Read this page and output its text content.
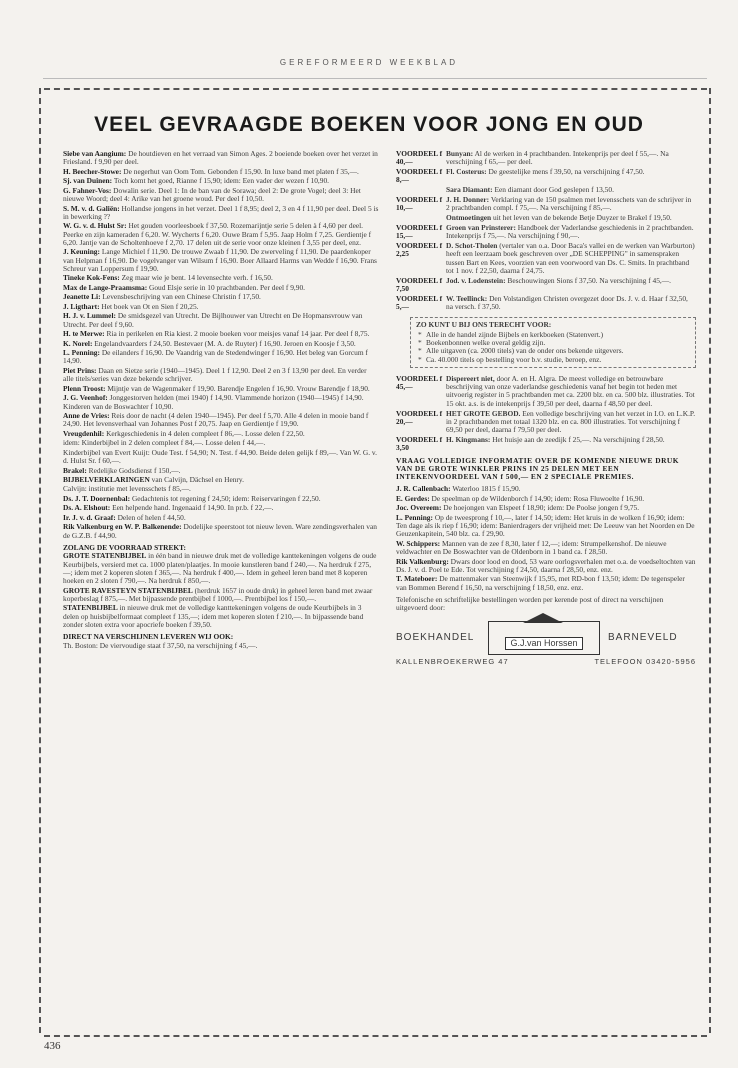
GEREFORMEERD WEEKBLAD
VEEL GEVRAAGDE BOEKEN VOOR JONG EN OUD
Siebe van Aangium: De houtdieven en het verraad van Simon Ages. 2 boeiende boeken over het verzet in Friesland. f 9,90 per deel.
H. Beecher-Stowe: De negerhut van Oom Tom. Gebonden f 15,90. In luxe band met platen f 35,—.
Sj. van Duinen: Toch komt het goed, Rianne f 15,90; idem: Een vader der wezen f 10,90.
G. Fahner-Vos: Dowalin serie. Deel 1: In de ban van de Sorawa; deel 2: De grote Vogel; deel 3: Het nieuwe Woord; deel 4: Arike van het groene woud. Per deel f 10,50.
S. M. v. d. Galiën: Hollandse jongens in het verzet. Deel 1 f 8,95; deel 2, 3 en 4 f 11,90 per deel. Deel 5 is in bewerking ??
W. G. v. d. Hulst Sr: Het gouden voorleesboek f 37,50. Rozemarijntje serie 5 delen à f 4,60 per deel. Peerke en zijn kameraden f 6,20. W. Wycherts f 6,20. Ouwe Bram f 5,95. Jaap Holm f 7,25. Gerdientje f 6,20. Jantje van de Scholtenhoeve f 2,70. 17 delen uit de serie voor onze kleinen f 3,55 per deel, enz.
J. Keuning: Lange Michiel f 11,90. De trouwe Zwaab f 11,90. De zwerveling f 11,90. De paardenkoper van Helpman f 16,90. De vogelvanger van Wilsum f 16,90. Boer Allaard Harms van Wedde f 16,90. Frans Schreur van Loppersum f 19,90.
Tineke Kok-Fens: Zeg maar wie je bent. 14 levensechte verh. f 16,50.
Max de Lange-Praamsma: Goud Elsje serie in 10 prachtbanden. Per deel f 9,90.
Jeanette Li: Levensbeschrijving van een Chinese Christin f 17,50.
J. Ligthart: Het boek van Ot en Sien f 20,25.
H. J. v. Lummel: De smidsgezel van Utrecht. De Bijlhouwer van Utrecht en De Hopmansvrouw van Utrecht. Per deel f 9,60.
H. te Merwe: Ria in perikelen en Ria kiest. 2 mooie boeken voor meisjes vanaf 14 jaar. Per deel f 8,75.
K. Norel: Engelandvaarders f 24,50. Bestevaer (M. A. de Ruyter) f 16,90. Jeroen en Koosje f 3,50.
L. Penning: De eilanders f 16,90. De Vaandrig van de Stedendwinger f 16,90. Het beleg van Gorcum f 14,90.
Piet Prins: Daan en Sietze serie (1940—1945). Deel 1 f 12,90. Deel 2 en 3 f 13,90 per deel. En verder alle titels/series van deze bekende schrijver.
Plenn Troost: Mijntje van de Wagenmaker f 19,90. Barendje Engelen f 16,90. Vrouw Barendje f 18,90.
J. G. Veenhof: Jonggestorven helden (mei 1940) f 14,90. Vlammende horizon (1940—1945) f 14,90. Kinderen van de Boswachter f 10,90.
Anne de Vries: Reis door de nacht (4 delen 1940—1945). Per deel f 5,70. Alle 4 delen in mooie band f 24,90. Het levensverhaal van Johannes Post f 20,75. Jaap en Gerdientje f 19,90.
Vreugdenhil: Kerkgeschiedenis in 4 delen compleet f 86,—. Losse delen f 22,50.
idem: Kinderbijbel in 2 delen compleet f 84,—. Losse delen f 44,—.
Kinderbijbel van Evert Kuijt: Oude Test. f 54,90; N. Test. f 44,90. Beide delen gelijk f 89,—. Van W. G. v. d. Hulst Sr. f 60,—.
Brakel: Redelijke Godsdienst f 150,—.
BIJBELVERKLARINGEN van Calvijn, Dächsel en Henry.
Calvijn: institutie met levensschets f 85,—.
Ds. J. T. Doornenbal: Gedachtenis tot regening f 24,50; idem: Reiservaringen f 22,50.
Ds. A. Elshout: Een helpende hand. Ingenaaid f 14,90. In pr.b. f 22,—.
Ir. J. v. d. Graaf: Delen of helen f 44,50.
Rik Valkenburg en W. P. Balkenende: Dodelijke speerstoot tot nieuw leven. Ware zendingsverhalen van de G.Z.B. f 44,90.
ZOLANG DE VOORRAAD STREKT:
GROTE STATENBIJBEL in één band in nieuwe druk met de volledige kanttekeningen volgens de oude Keurbijbels, versierd met ca. 1000 platen/plaatjes. In mooie kunstleren band f 240,—. Na herdruk f 275,—; idem met 2 koperen sloten f 365,—. Na herdruk f 400,—. Idem in geheel leren band met 8 koperen hoeken en 2 sloten f 790,—. Na herdruk f 850,—.
GROTE RAVESTEYN STATENBIJBEL (herdruk 1657 in oude druk) in geheel leren band met zwaar koperbeslag f 875,—. Met bijpassende prentbijbel f 1000,—. Prentbijbel los f 150,—.
STATENBIJBEL in nieuwe druk met de volledige kanttekeningen volgens de oude Keurbijbels in 3 delen op huisbijbelformaat compleet f 135,—; idem met koperen sloten f 210,—. In bijpassende band zonder sloten extra voor apocriefe boeken f 39,50.
DIRECT NA VERSCHIJNEN LEVEREN WIJ OOK:
Th. Boston: De viervoudige staat f 37,50, na verschijning f 45,—.
VOORDEEL f 40,—
Bunyan: Al de werken in 4 prachtbanden. Intekenprijs per deel f 55,—. Na verschijning f 65,— per deel.
VOORDEEL f 8,—
Fl. Costerus: De geestelijke mens f 39,50, na verschijning f 47,50.
Sara Diamant: Een diamant door God geslepen f 13,50.
VOORDEEL f 10,—
J. H. Donner: Verklaring van de 150 psalmen met levensschets van de schrijver in 2 prachtbanden compl. f 75,—. Na verschijning f 85,—.
Ontmoetingen uit het leven van de bekende Betje Duyzer te Brakel f 19,50.
VOORDEEL f 15,—
Groen van Prinsterer: Handboek der Vaderlandse geschiedenis in 2 prachtbanden. Intekenprijs f 75,—. Na verschijning f 90,—.
VOORDEEL f 2,25
D. Schot-Tholen (vertaler van o.a. Door Baca's vallei en de werken van Warburton) heeft een leerzaam boek geschreven over „DE SCHEPPING" in samenspraken tussen Bart en Kees, voorzien van een voorwoord van Ds. C. Smits. In prachtband tot 1 nov. f 22,50, daarna f 24,75.
VOORDEEL f 7,50
Jod. v. Lodenstein: Beschouwingen Sions f 37,50. Na verschijning f 45,—.
VOORDEEL f 5,—
W. Teellinck: Den Volstandigen Christen overgezet door Ds. J. v. d. Haar f 32,50, na versch. f 37,50.
ZO KUNT U BIJ ONS TERECHT VOOR:
* Alle in de handel zijnde Bijbels en kerkboeken (Statenvert.)
* Boekenbonnen welke overal geldig zijn.
* Alle uitgaven (ca. 2000 titels) van de onder ons bekende uitgevers.
* Ca. 40.000 titels op bestelling voor b.v. studie, beroep, enz.
VOORDEEL f 45,—
Dispereert niet, door A. en H. Algra. De meest volledige en betrouwbare beschrijving van onze vaderlandse geschiedenis vanaf het begin tot heden met uitvoerig register in 5 prachtbanden met ca. 2200 blz. en ca. 500 blz. illustraties. Tot 15 okt. a.s. is de intekenprijs f 39,50 per deel, daarna f 48,50 per deel.
VOORDEEL f 20,—
HET GROTE GEBOD. Een volledige beschrijving van het verzet in I.O. en L.K.P. in 2 prachtbanden met totaal 1320 blz. en ca. 800 illustraties. Tot verschijning f 69,50 per deel, daarna f 79,50 per deel.
VOORDEEL f 3,50
H. Kingmans: Het huisje aan de zeedijk f 25,—. Na verschijning f 28,50.
VRAAG VOLLEDIGE INFORMATIE OVER DE KOMENDE NIEUWE DRUK VAN DE GROTE WINKLER PRINS IN 25 DELEN MET EEN INTEKENVOORDEEL VAN f 500,— EN 2 SPECIALE PREMIES.
J. R. Callenbach: Waterloo 1815 f 15,90.
E. Gerdes: De speelman op de Wildenborch f 14,90; idem: Rosa Fluwoelte f 16,90.
Joc. Overeem: De hoejongen van Elspeet f 18,90; idem: De Poolse jongen f 9,75.
L. Penning: Op de tweesprong f 10,—, later f 14,50; idem: Het kruis in de wolken f 16,90; idem: Ten dage als ik riep f 16,90; idem: Banierdragers der vrijheid met: De Leeuw van het Noorden en De Geuzenkapitein, 540 blz. ca. f 29,90.
W. Schippers: Mannen van de zee f 8,30, later f 12,—; idem: Strumpelkenshof. De nieuwe veldwachter en De Boswachter van de Oldenborn in 1 band ca. f 28,50.
Rik Valkenburg: Dwars door lood en dood, 53 ware oorlogsverhalen met o.a. de voedseltochten van Ds. J. v. d. Poel te Ede. Tot verschijning f 24,50, daarna f 28,50, enz. enz.
T. Mateboer: De mattenmaker van Steenwijk f 15,95, met RD-bon f 13,50; idem: De tegenspeler van Bommen Berend f 16,50, na verschijning f 18,50, enz. enz.
Telefonische en schriftelijke bestellingen worden per kerende post of direct na verschijnen uitgevoerd door:
BOEKHANDEL
G.J.van Horssen
BARNEVELD
KALLENBROEKERWEG 47	TELEFOON 03420-5956
436
